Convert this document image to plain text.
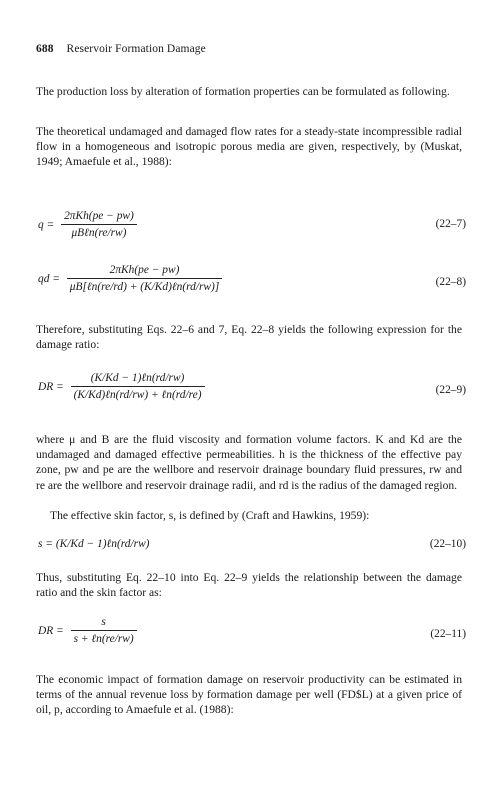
688 Reservoir Formation Damage
The production loss by alteration of formation properties can be formulated as following.
The theoretical undamaged and damaged flow rates for a steady-state incompressible radial flow in a homogeneous and isotropic porous media are given, respectively, by (Muskat, 1949; Amaefule et al., 1988):
$q = \frac{\text{2πKh(pe − pw)}}{\text{μBℓn(re/rw)}}$	(22–7)
qd = $\frac{\text{2πKh(pe − pw)}}{\text{μB[ℓn(re/rd) + (K/Kd)ℓn(rd/rw)]}}$	(22–8)
Therefore, substituting Eqs. 22–6 and 7, Eq. 22–8 yields the following expression for the damage ratio:
DR = $\frac{\text{(K/Kd − 1)ℓn(rd/rw)}}{\text{(K/Kd)ℓn(rd/rw) + ℓn(rd/re)}}$	(22–9)
where μ and B are the fluid viscosity and formation volume factors. K and Kd are the undamaged and damaged effective permeabilities. h is the thickness of the effective pay zone, pw and pe are the wellbore and reservoir drainage boundary fluid pressures, rw and re are the wellbore and reservoir drainage radii, and rd is the radius of the damaged region.
The effective skin factor, s, is defined by (Craft and Hawkins, 1959):
s = (K/Kd − 1)ℓn(rd/rw)	(22–10)
Thus, substituting Eq. 22–10 into Eq. 22–9 yields the relationship between the damage ratio and the skin factor as:
DR = $\frac{s}{\text{s + ℓn(re/rw)}}$	(22–11)
The economic impact of formation damage on reservoir productivity can be estimated in terms of the annual revenue loss by formation damage per well (FD$L) at a given price of oil, p, according to Amaefule et al. (1988):
